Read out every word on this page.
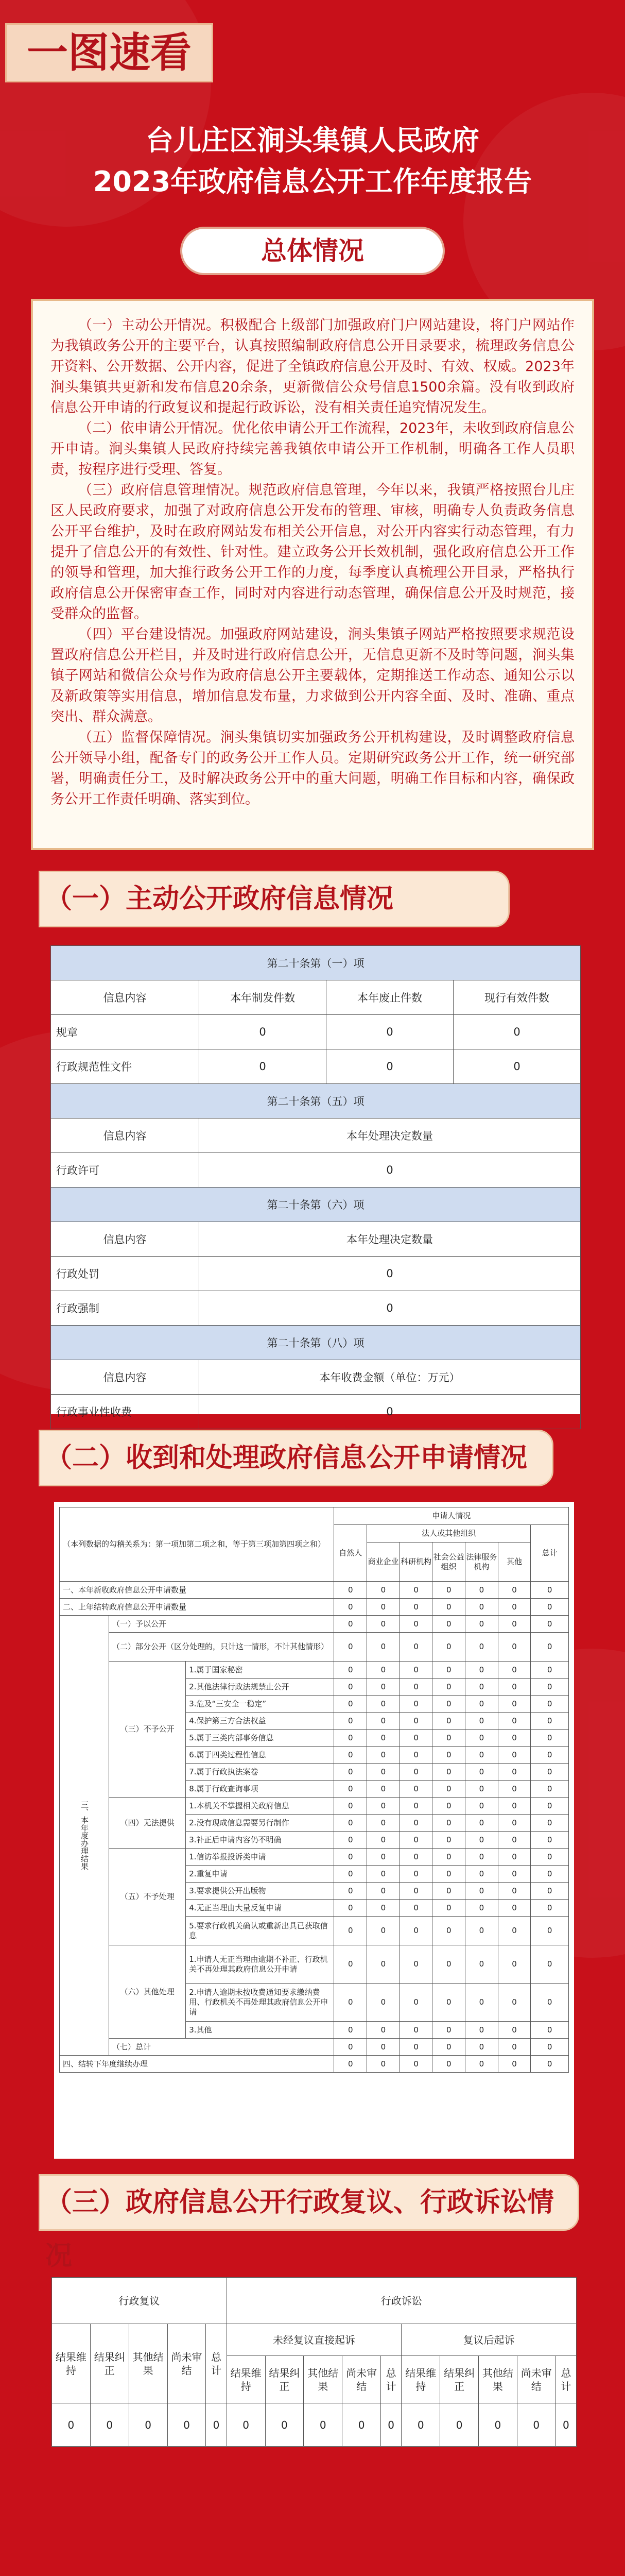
一图速看
台儿庄区涧头集镇人民政府
2023年政府信息公开工作年度报告
总体情况

（一）主动公开情况。积极配合上级部门加强政府门户网站建设，将门户网站作为我镇政务公开的主要平台，认真按照编制政府信息公开目录要求，梳理政务信息公开资料、公开数据、公开内容，促进了全镇政府信息公开及时、有效、权威。2023年涧头集镇共更新和发布信息20余条，更新微信公众号信息1500余篇。没有收到政府信息公开申请的行政复议和提起行政诉讼，没有相关责任追究情况发生。

（二）依申请公开情况。优化依申请公开工作流程，2023年，未收到政府信息公开申请。涧头集镇人民政府持续完善我镇依申请公开工作机制，明确各工作人员职责，按程序进行受理、答复。

（三）政府信息管理情况。规范政府信息管理，今年以来，我镇严格按照台儿庄区人民政府要求，加强了对政府信息公开发布的管理、审核，明确专人负责政务信息公开平台维护，及时在政府网站发布相关公开信息，对公开内容实行动态管理，有力提升了信息公开的有效性、针对性。建立政务公开长效机制，强化政府信息公开工作的领导和管理，加大推行政务公开工作的力度，每季度认真梳理公开目录，严格执行政府信息公开保密审查工作，同时对内容进行动态管理，确保信息公开及时规范，接受群众的监督。

（四）平台建设情况。加强政府网站建设，涧头集镇子网站严格按照要求规范设置政府信息公开栏目，并及时进行政府信息公开，无信息更新不及时等问题，涧头集镇子网站和微信公众号作为政府信息公开主要载体，定期推送工作动态、通知公示以及新政策等实用信息，增加信息发布量，力求做到公开内容全面、及时、准确、重点突出、群众满意。

（五）监督保障情况。涧头集镇切实加强政务公开机构建设，及时调整政府信息公开领导小组，配备专门的政务公开工作人员。定期研究政务公开工作，统一研究部署，明确责任分工，及时解决政务公开中的重大问题，明确工作目标和内容，确保政务公开工作责任明确、落实到位。

（一）主动公开政府信息情况
第二十条第（一）项			
信息内容	本年制发件数	本年废止件数	现行有效件数
规章	0	0	0
行政规范性文件	0	0	0
第二十条第（五）项			
信息内容	本年处理决定数量		
行政许可	0		
第二十条第（六）项			
信息内容	本年处理决定数量		
行政处罚	0		
行政强制	0		
第二十条第（八）项			
信息内容	本年收费金额（单位：万元）		
行政事业性收费	0		
（二）收到和处理政府信息公开申请情况
（本列数据的勾稽关系为：第一项加第二项之和，等于第三项加第四项之和）			申请人情况						
			自然人	法人或其他组织					总计
				商业企业	科研机构	社会公益组织	法律服务机构	其他	
一、本年新收政府信息公开申请数量			0	0	0	0	0	0	0
二、上年结转政府信息公开申请数量			0	0	0	0	0	0	0
三、本年度办理结果	（一）予以公开		0	0	0	0	0	0	0
	（二）部分公开（区分处理的，只计这一情形，不计其他情形）		0	0	0	0	0	0	0
	（三）不予公开	1.属于国家秘密	0	0	0	0	0	0	0
		2.其他法律行政法规禁止公开	0	0	0	0	0	0	0
		3.危及“三安全一稳定”	0	0	0	0	0	0	0
		4.保护第三方合法权益	0	0	0	0	0	0	0
		5.属于三类内部事务信息	0	0	0	0	0	0	0
		6.属于四类过程性信息	0	0	0	0	0	0	0
		7.属于行政执法案卷	0	0	0	0	0	0	0
		8.属于行政查询事项	0	0	0	0	0	0	0
	（四）无法提供	1.本机关不掌握相关政府信息	0	0	0	0	0	0	0
		2.没有现成信息需要另行制作	0	0	0	0	0	0	0
		3.补正后申请内容仍不明确	0	0	0	0	0	0	0
	（五）不予处理	1.信访举报投诉类申请	0	0	0	0	0	0	0
		2.重复申请	0	0	0	0	0	0	0
		3.要求提供公开出版物	0	0	0	0	0	0	0
		4.无正当理由大量反复申请	0	0	0	0	0	0	0
		5.要求行政机关确认或重新出具已获取信息	0	0	0	0	0	0	0
	（六）其他处理	1.申请人无正当理由逾期不补正、行政机关不再处理其政府信息公开申请	0	0	0	0	0	0	0
		2.申请人逾期未按收费通知要求缴纳费用、行政机关不再处理其政府信息公开申请	0	0	0	0	0	0	0
		3.其他	0	0	0	0	0	0	0
	（七）总计		0	0	0	0	0	0	0
四、结转下年度继续办理			0	0	0	0	0	0	0
（三）政府信息公开行政复议、行政诉讼情况
行政复议					行政诉讼									
结果维持	结果纠正	其他结果	尚未审结	总计	未经复议直接起诉					复议后起诉				
					结果维持	结果纠正	其他结果	尚未审结	总计	结果维持	结果纠正	其他结果	尚未审结	总计
0	0	0	0	0	0	0	0	0	0	0	0	0	0	0
